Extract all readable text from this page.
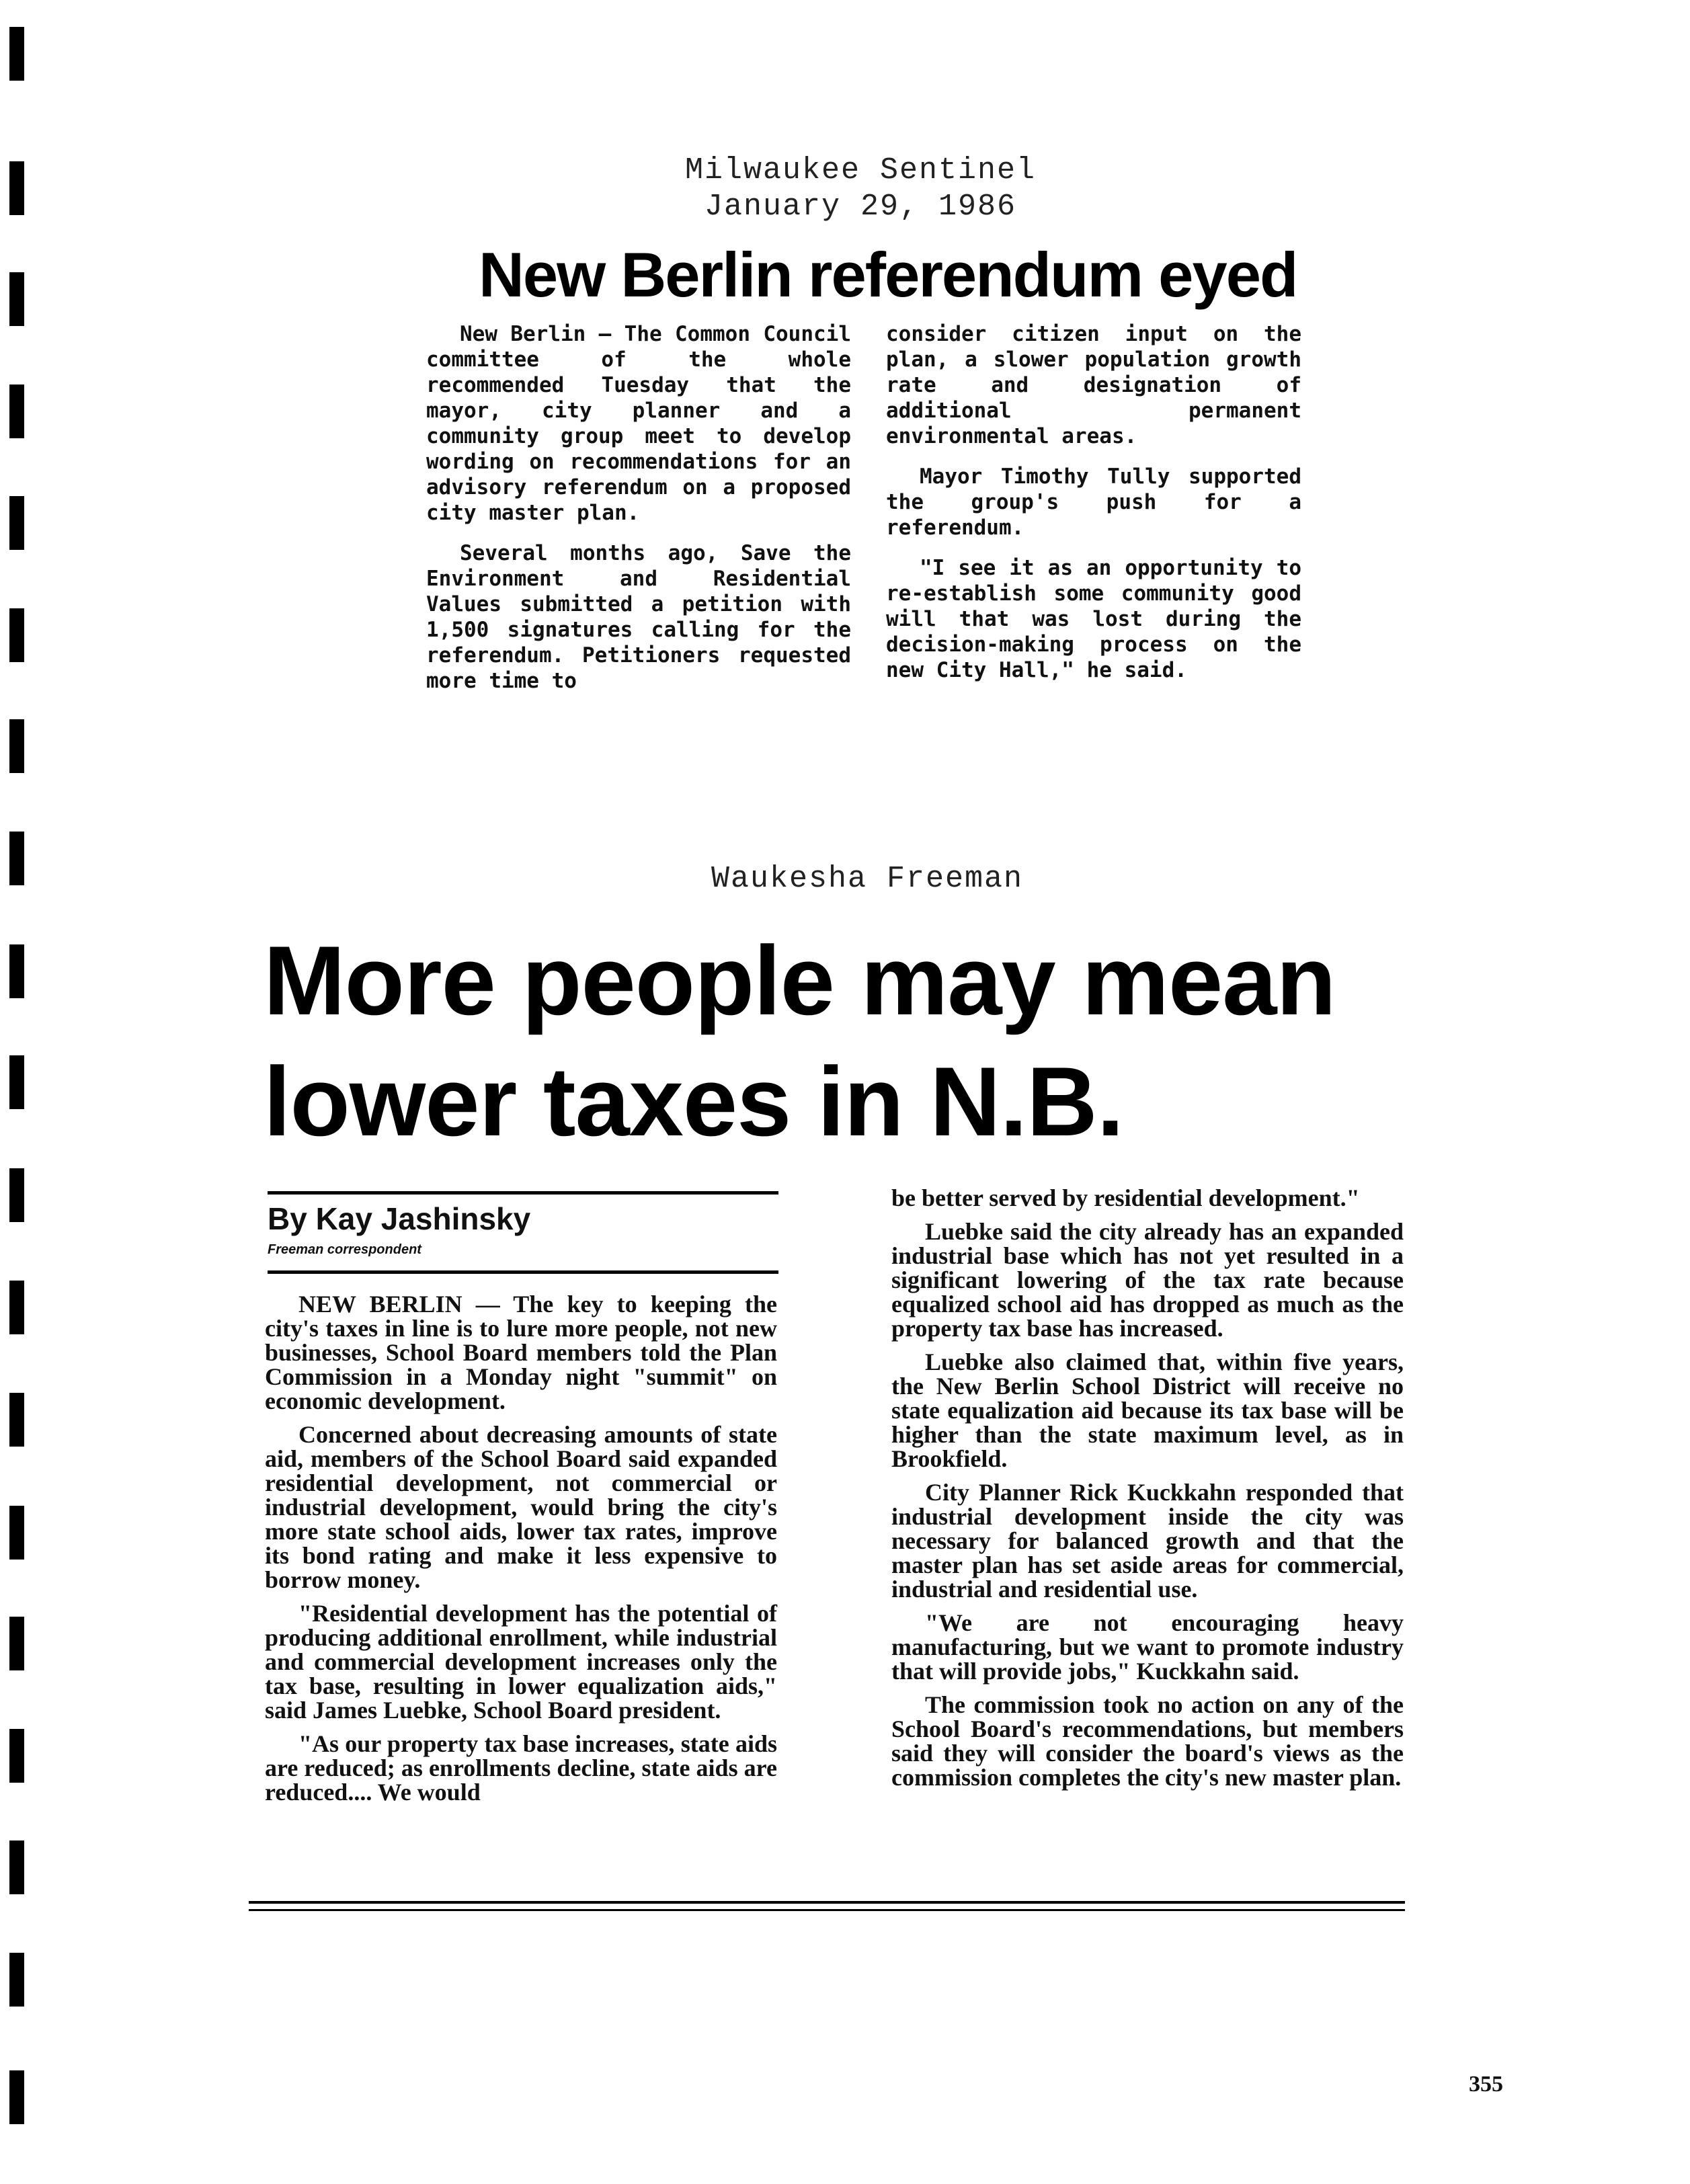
Milwaukee Sentinel
January 29, 1986
New Berlin referendum eyed

New Berlin — The Common Council committee of the whole recommended Tuesday that the mayor, city planner and a community group meet to develop wording on recommendations for an advisory referendum on a proposed city master plan.

Several months ago, Save the Environment and Residential Values submitted a petition with 1,500 signatures calling for the referendum. Petitioners requested more time to

consider citizen input on the plan, a slower population growth rate and designation of additional permanent environmental areas.

Mayor Timothy Tully supported the group's push for a referendum.

"I see it as an opportunity to re-establish some community good will that was lost during the decision-making process on the new City Hall," he said.

Waukesha Freeman
More people may mean
lower taxes in N.B.
By Kay Jashinsky
Freeman correspondent

NEW BERLIN — The key to keeping the city's taxes in line is to lure more people, not new businesses, School Board members told the Plan Commission in a Monday night "summit" on economic development.

Concerned about decreasing amounts of state aid, members of the School Board said expanded residential development, not commercial or industrial development, would bring the city's more state school aids, lower tax rates, improve its bond rating and make it less expensive to borrow money.

"Residential development has the potential of producing additional enrollment, while industrial and commercial development increases only the tax base, resulting in lower equalization aids," said James Luebke, School Board president.

"As our property tax base increases, state aids are reduced; as enrollments decline, state aids are reduced.... We would

be better served by residential development."

Luebke said the city already has an expanded industrial base which has not yet resulted in a significant lowering of the tax rate because equalized school aid has dropped as much as the property tax base has increased.

Luebke also claimed that, within five years, the New Berlin School District will receive no state equalization aid because its tax base will be higher than the state maximum level, as in Brookfield.

City Planner Rick Kuckkahn responded that industrial development inside the city was necessary for balanced growth and that the master plan has set aside areas for commercial, industrial and residential use.

"We are not encouraging heavy manufacturing, but we want to promote industry that will provide jobs," Kuckkahn said.

The commission took no action on any of the School Board's recommendations, but members said they will consider the board's views as the commission completes the city's new master plan.

355
